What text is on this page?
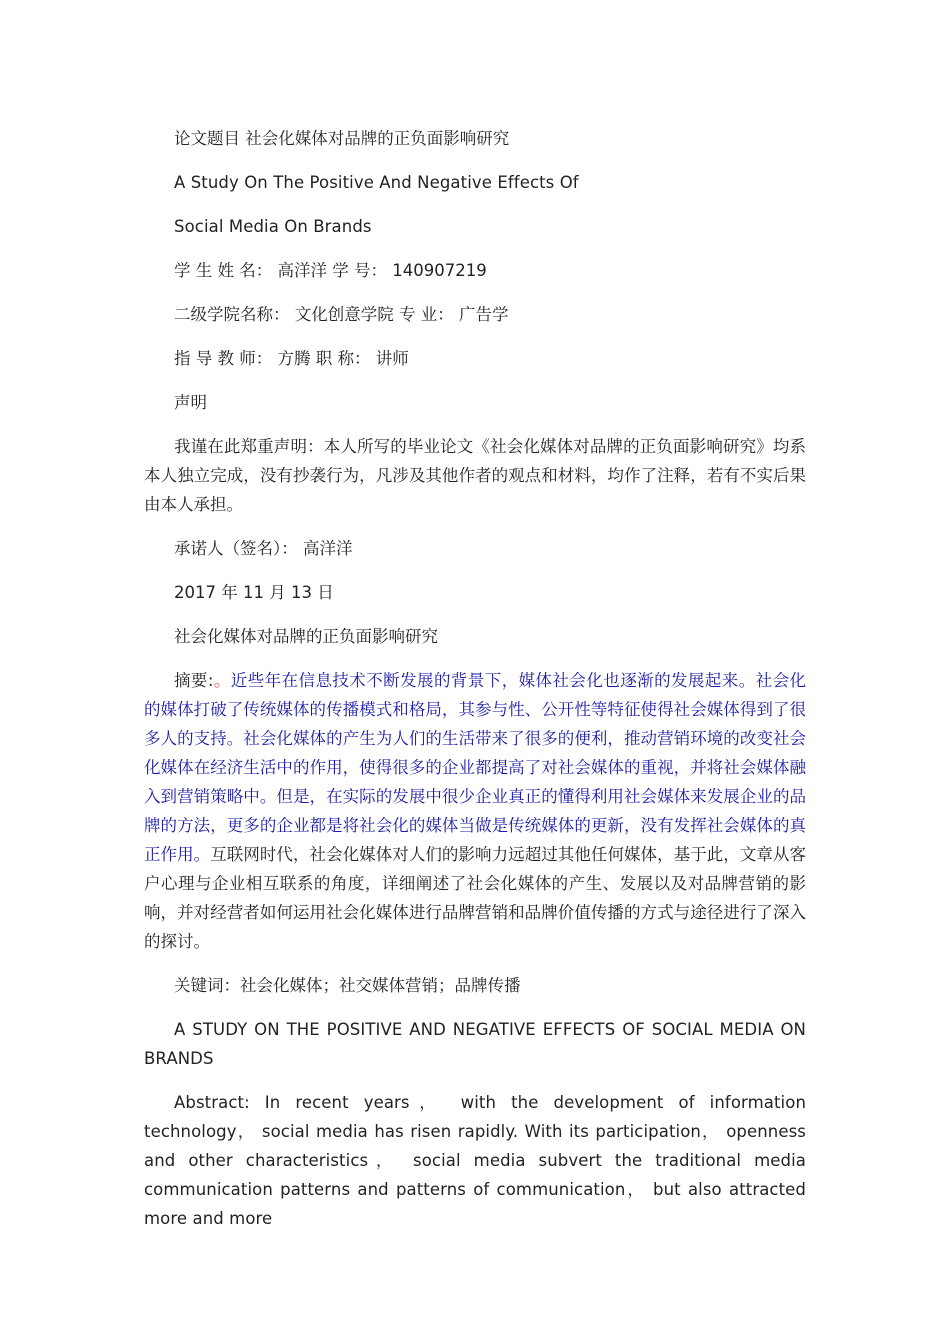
论文题目 社会化媒体对品牌的正负面影响研究

A Study On The Positive And Negative Effects Of

Social Media On Brands

学 生 姓 名： 高洋洋 学 号： 140907219

二级学院名称： 文化创意学院 专 业： 广告学

指 导 教 师： 方腾 职 称： 讲师

声明

我谨在此郑重声明：本人所写的毕业论文《社会化媒体对品牌的正负面影响研究》均系本人独立完成，没有抄袭行为，凡涉及其他作者的观点和材料，均作了注释，若有不实后果由本人承担。

承诺人（签名）： 高洋洋

2017 年 11 月 13 日

社会化媒体对品牌的正负面影响研究

摘要:。近些年在信息技术不断发展的背景下，媒体社会化也逐渐的发展起来。社会化的媒体打破了传统媒体的传播模式和格局，其参与性、公开性等特征使得社会媒体得到了很多人的支持。社会化媒体的产生为人们的生活带来了很多的便利，推动营销环境的改变社会化媒体在经济生活中的作用，使得很多的企业都提高了对社会媒体的重视，并将社会媒体融入到营销策略中。但是，在实际的发展中很少企业真正的懂得利用社会媒体来发展企业的品牌的方法，更多的企业都是将社会化的媒体当做是传统媒体的更新，没有发挥社会媒体的真正作用。互联网时代，社会化媒体对人们的影响力远超过其他任何媒体，基于此，文章从客户心理与企业相互联系的角度，详细阐述了社会化媒体的产生、发展以及对品牌营销的影响，并对经营者如何运用社会化媒体进行品牌营销和品牌价值传播的方式与途径进行了深入的探讨。

关键词：社会化媒体；社交媒体营销；品牌传播

A STUDY ON THE POSITIVE AND NEGATIVE EFFECTS OF SOCIAL MEDIA ON BRANDS

Abstract: In recent years， with the development of information technology， social media has risen rapidly. With its participation， openness and other characteristics， social media subvert the traditional media communication patterns and patterns of communication， but also attracted more and more
